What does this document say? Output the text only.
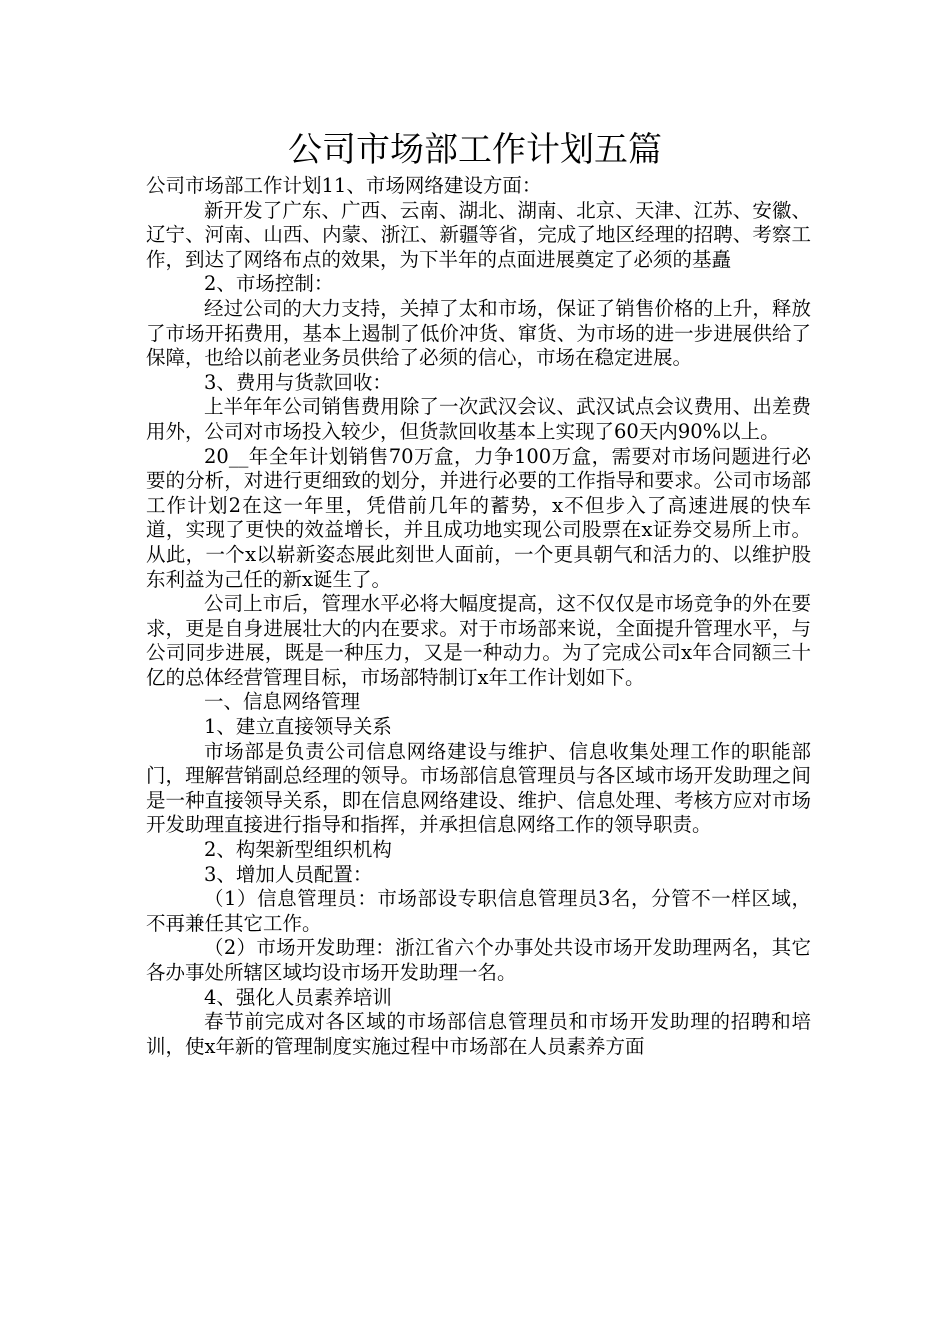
公司市场部工作计划五篇

公司市场部工作计划11、市场网络建设方面：

新开发了广东、广西、云南、湖北、湖南、北京、天津、江苏、安徽、辽宁、河南、山西、内蒙、浙江、新疆等省，完成了地区经理的招聘、考察工作，到达了网络布点的效果，为下半年的点面进展奠定了必须的基矗

2、市场控制：

经过公司的大力支持，关掉了太和市场，保证了销售价格的上升，释放了市场开拓费用，基本上遏制了低价冲货、窜货、为市场的进一步进展供给了保障，也给以前老业务员供给了必须的信心，市场在稳定进展。

3、费用与货款回收：

上半年年公司销售费用除了一次武汉会议、武汉试点会议费用、出差费用外，公司对市场投入较少，但货款回收基本上实现了60天内90%以上。

20__年全年计划销售70万盒，力争100万盒，需要对市场问题进行必要的分析，对进行更细致的划分，并进行必要的工作指导和要求。公司市场部工作计划2在这一年里，凭借前几年的蓄势，x不但步入了高速进展的快车道，实现了更快的效益增长，并且成功地实现公司股票在x证券交易所上市。从此，一个x以崭新姿态展此刻世人面前，一个更具朝气和活力的、以维护股东利益为己任的新x诞生了。

公司上市后，管理水平必将大幅度提高，这不仅仅是市场竞争的外在要求，更是自身进展壮大的内在要求。对于市场部来说，全面提升管理水平，与公司同步进展，既是一种压力，又是一种动力。为了完成公司x年合同额三十亿的总体经营管理目标，市场部特制订x年工作计划如下。

一、信息网络管理

1、建立直接领导关系

市场部是负责公司信息网络建设与维护、信息收集处理工作的职能部门，理解营销副总经理的领导。市场部信息管理员与各区域市场开发助理之间是一种直接领导关系，即在信息网络建设、维护、信息处理、考核方应对市场开发助理直接进行指导和指挥，并承担信息网络工作的领导职责。

2、构架新型组织机构

3、增加人员配置：

（1）信息管理员：市场部设专职信息管理员3名，分管不一样区域，不再兼任其它工作。

（2）市场开发助理：浙江省六个办事处共设市场开发助理两名，其它各办事处所辖区域均设市场开发助理一名。

4、强化人员素养培训

春节前完成对各区域的市场部信息管理员和市场开发助理的招聘和培训，使x年新的管理制度实施过程中市场部在人员素养方面
